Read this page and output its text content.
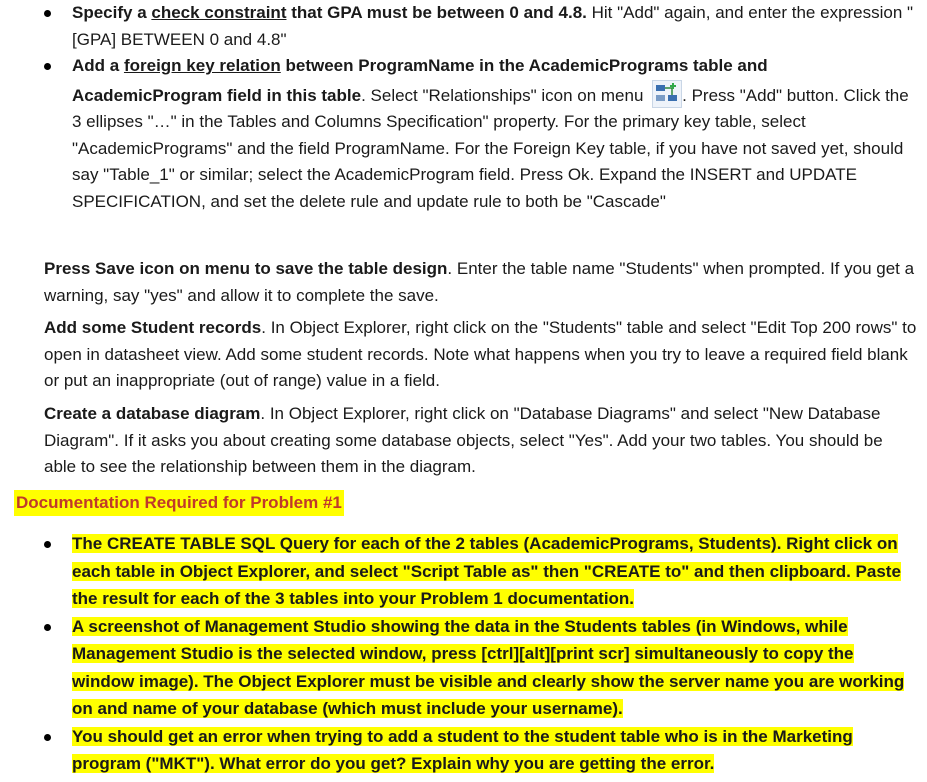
Specify a check constraint that GPA must be between 0 and 4.8. Hit "Add" again, and enter the expression "[GPA] BETWEEN 0 and 4.8"
Add a foreign key relation between ProgramName in the AcademicPrograms table and AcademicProgram field in this table. Select "Relationships" icon on menu . Press "Add" button. Click the 3 ellipses "…" in the Tables and Columns Specification" property. For the primary key table, select "AcademicPrograms" and the field ProgramName. For the Foreign Key table, if you have not saved yet, should say "Table_1" or similar; select the AcademicProgram field. Press Ok. Expand the INSERT and UPDATE SPECIFICATION, and set the delete rule and update rule to both be "Cascade"

Press Save icon on menu to save the table design. Enter the table name "Students" when prompted. If you get a warning, say "yes" and allow it to complete the save.

Add some Student records. In Object Explorer, right click on the "Students" table and select "Edit Top 200 rows" to open in datasheet view. Add some student records. Note what happens when you try to leave a required field blank or put an inappropriate (out of range) value in a field.

Create a database diagram. In Object Explorer, right click on "Database Diagrams" and select "New Database Diagram". If it asks you about creating some database objects, select "Yes". Add your two tables. You should be able to see the relationship between them in the diagram.

Documentation Required for Problem #1
The CREATE TABLE SQL Query for each of the 2 tables (AcademicPrograms, Students). Right click on each table in Object Explorer, and select "Script Table as" then "CREATE to" and then clipboard. Paste the result for each of the 3 tables into your Problem 1 documentation.
A screenshot of Management Studio showing the data in the Students tables (in Windows, while Management Studio is the selected window, press [ctrl][alt][print scr] simultaneously to copy the window image). The Object Explorer must be visible and clearly show the server name you are working on and name of your database (which must include your username).
You should get an error when trying to add a student to the student table who is in the Marketing program ("MKT"). What error do you get? Explain why you are getting the error.
